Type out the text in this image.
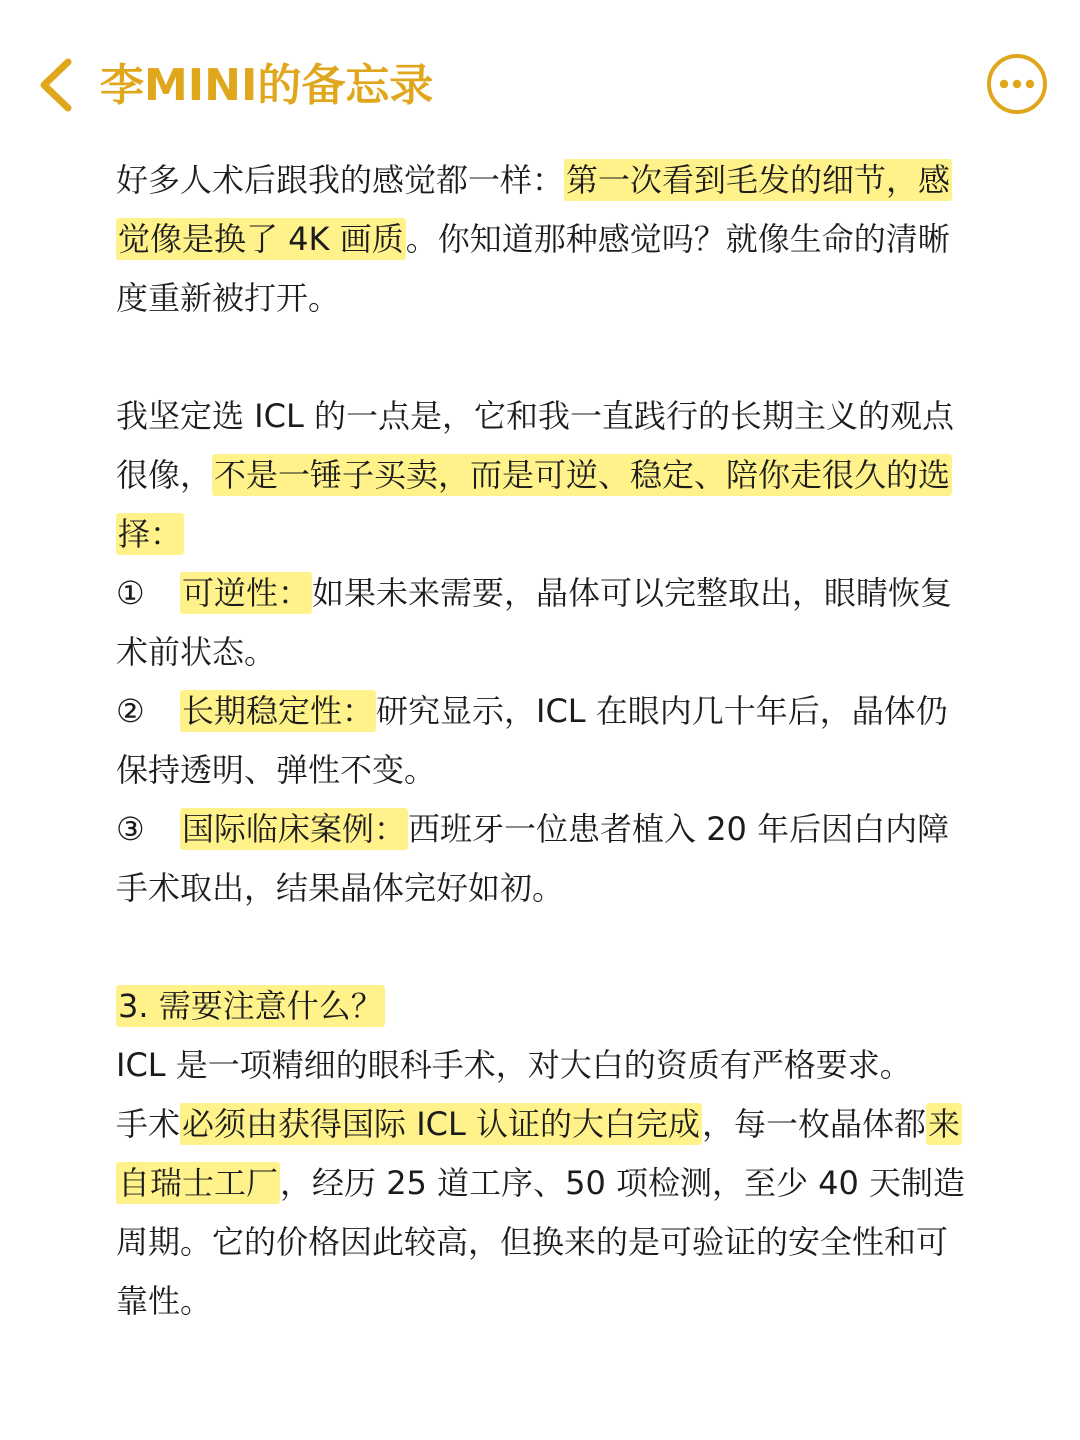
李MINI的备忘录

好多人术后跟我的感觉都一样：第一次看到毛发的细节，感觉像是换了 4K 画质。你知道那种感觉吗？就像生命的清晰度重新被打开。

我坚定选 ICL 的一点是，它和我一直践行的长期主义的观点很像，不是一锤子买卖，而是可逆、稳定、陪你走很久的选择：

① 可逆性：如果未来需要，晶体可以完整取出，眼睛恢复术前状态。

② 长期稳定性：研究显示，ICL 在眼内几十年后，晶体仍保持透明、弹性不变。

③ 国际临床案例：西班牙一位患者植入 20 年后因白内障手术取出，结果晶体完好如初。

3. 需要注意什么？

ICL 是一项精细的眼科手术，对大白的资质有严格要求。
手术必须由获得国际 ICL 认证的大白完成，每一枚晶体都来自瑞士工厂，经历 25 道工序、50 项检测，至少 40 天制造周期。它的价格因此较高，但换来的是可验证的安全性和可靠性。
